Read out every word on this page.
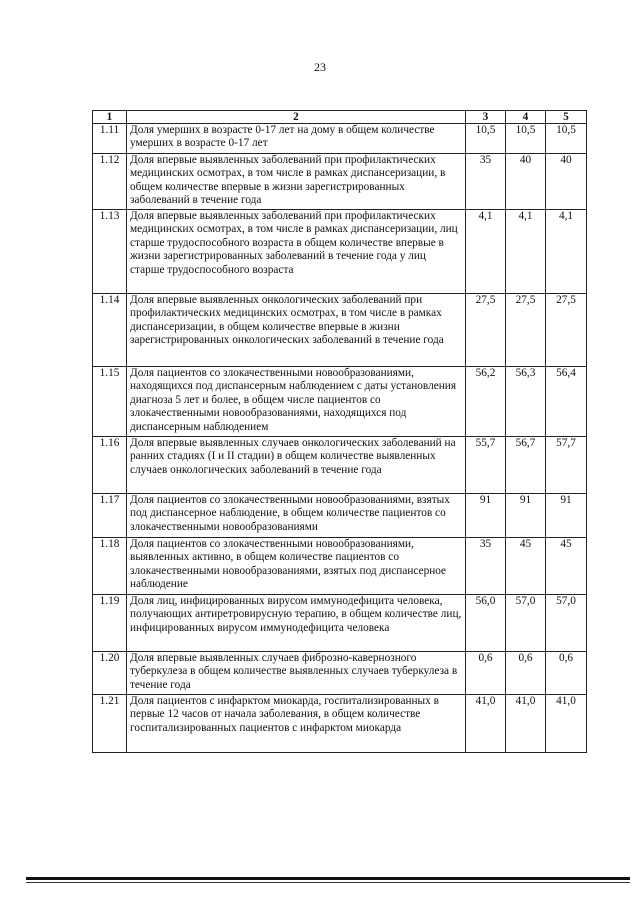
23
1	2	3	4	5
1.11	Доля умерших в возрасте 0-17 лет на дому в общем количестве умерших в возрасте 0-17 лет	10,5	10,5	10,5
1.12	Доля впервые выявленных заболеваний при профилактических медицинских осмотрах, в том числе в рамках диспансеризации, в общем количестве впервые в жизни зарегистрированных заболеваний в течение года	35	40	40
1.13	Доля впервые выявленных заболеваний при профилактических медицинских осмотрах, в том числе в рамках диспансеризации, лиц старше трудоспособного возраста в общем количестве впервые в жизни зарегистрированных заболеваний в течение года у лиц старше трудоспособного возраста	4,1	4,1	4,1
1.14	Доля впервые выявленных онкологических заболеваний при профилактических медицинских осмотрах, в том числе в рамках диспансеризации, в общем количестве впервые в жизни зарегистрированных онкологических заболеваний в течение года	27,5	27,5	27,5
1.15	Доля пациентов со злокачественными новообразованиями, находящихся под диспансерным наблюдением с даты установления диагноза 5 лет и более, в общем числе пациентов со злокачественными новообразованиями, находящихся под диспансерным наблюдением	56,2	56,3	56,4
1.16	Доля впервые выявленных случаев онкологических заболеваний на ранних стадиях (I и II стадии) в общем количестве выявленных случаев онкологических заболеваний в течение года	55,7	56,7	57,7
1.17	Доля пациентов со злокачественными новообразованиями, взятых под диспансерное наблюдение, в общем количестве пациентов со злокачественными новообразованиями	91	91	91
1.18	Доля пациентов со злокачественными новообразованиями, выявленных активно, в общем количестве пациентов со злокачественными новообразованиями, взятых под диспансерное наблюдение	35	45	45
1.19	Доля лиц, инфицированных вирусом иммунодефицита человека, получающих антиретровирусную терапию, в общем количестве лиц, инфицированных вирусом иммунодефицита человека	56,0	57,0	57,0
1.20	Доля впервые выявленных случаев фиброзно-кавернозного туберкулеза в общем количестве выявленных случаев туберкулеза в течение года	0,6	0,6	0,6
1.21	Доля пациентов с инфарктом миокарда, госпитализированных в первые 12 часов от начала заболевания, в общем количестве госпитализированных пациентов с инфарктом миокарда	41,0	41,0	41,0
